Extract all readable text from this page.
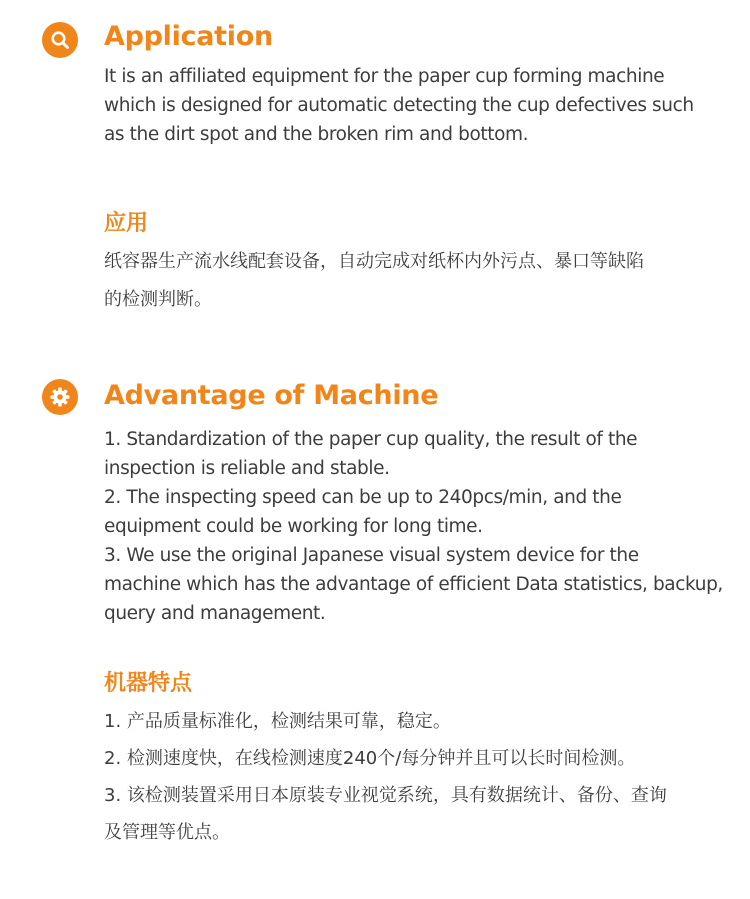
Application

It is an affiliated equipment for the paper cup forming machine
which is designed for automatic detecting the cup defectives such
as the dirt spot and the broken rim and bottom.

应用

纸容器生产流水线配套设备，自动完成对纸杯内外污点、暴口等缺陷
的检测判断。

Advantage of Machine

1. Standardization of the paper cup quality, the result of the
inspection is reliable and stable.
2. The inspecting speed can be up to 240pcs/min, and the
equipment could be working for long time.
3. We use the original Japanese visual system device for the
machine which has the advantage of efficient Data statistics, backup,
query and management.

机器特点

1. 产品质量标准化，检测结果可靠，稳定。
2. 检测速度快，在线检测速度240个/每分钟并且可以长时间检测。
3. 该检测装置采用日本原装专业视觉系统，具有数据统计、备份、查询
及管理等优点。
